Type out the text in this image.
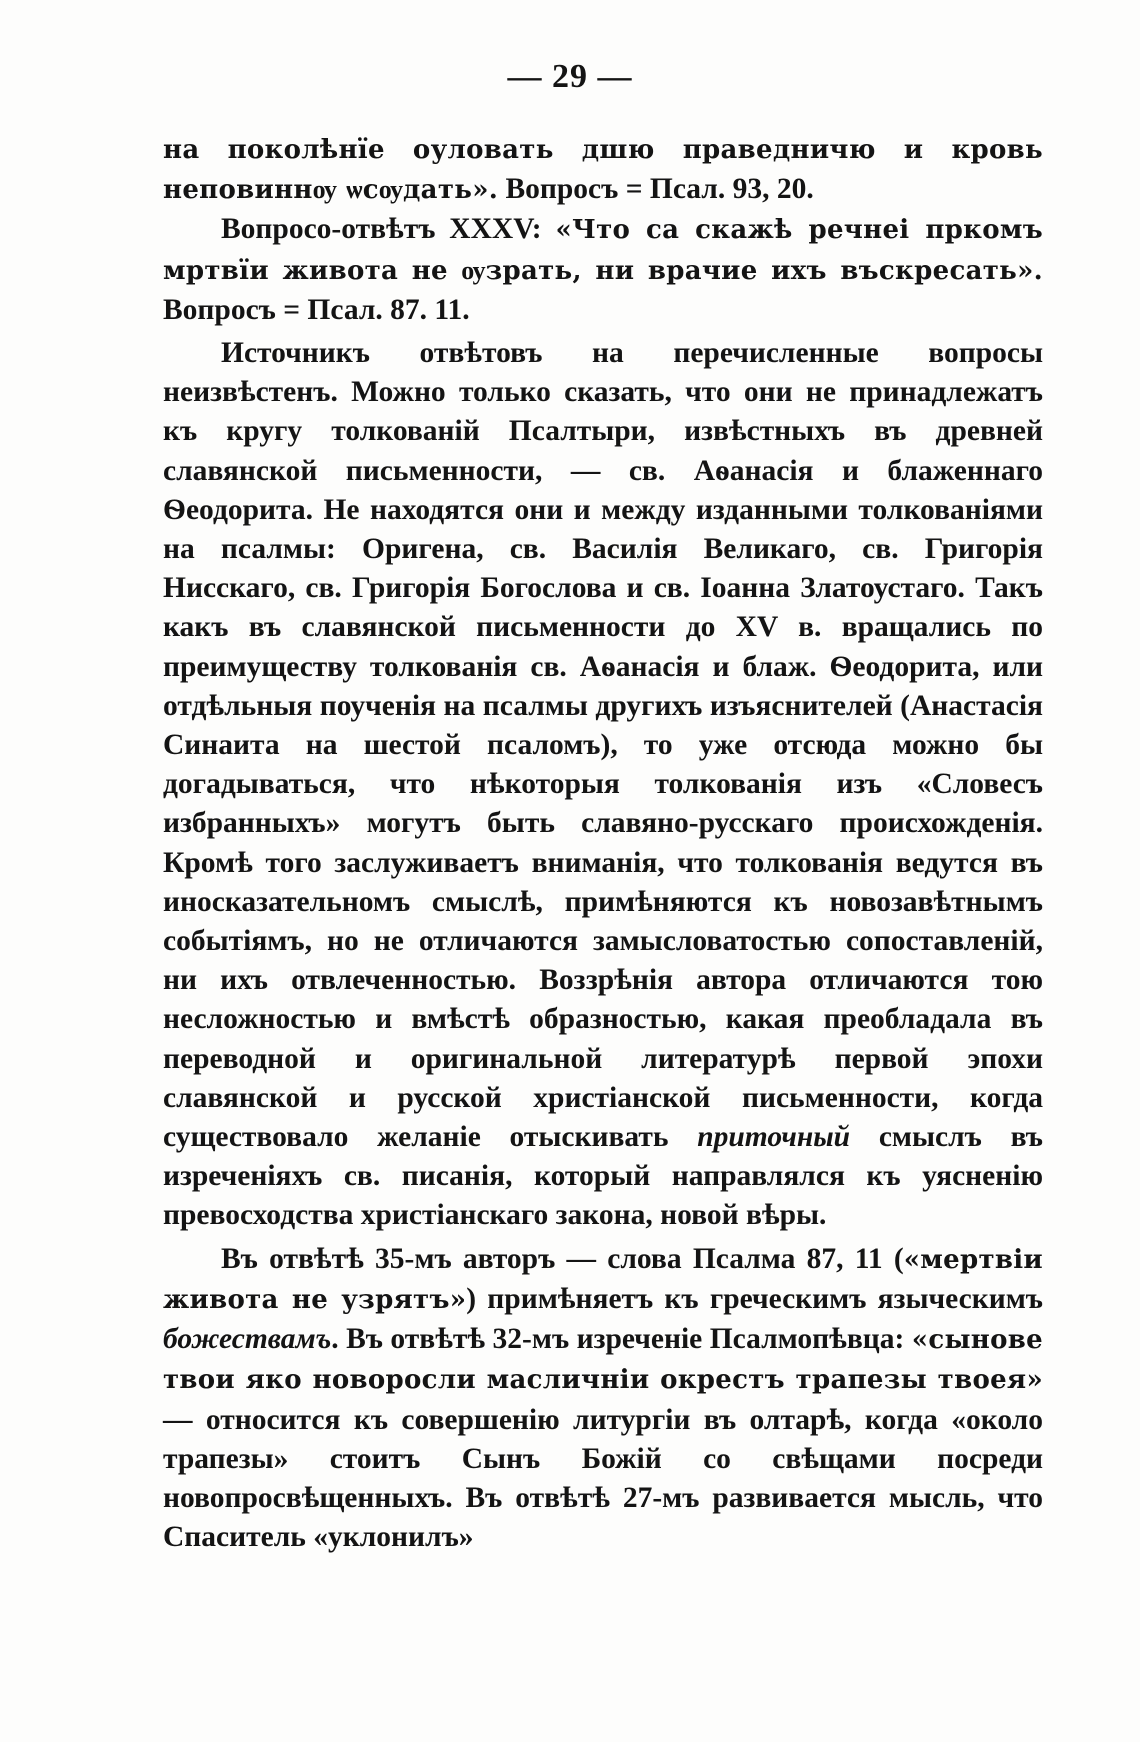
— 29 —

на поколѣнїе оуловать дшю праведничю и кровь неповиннѹ ѡсѹдать». Вопросъ = Псал. 93, 20.

Вопросо-отвѣтъ XXXV: «Что са скажѣ речнеі пркомъ мртвїи живота не ѹзрать, ни врачие ихъ въскресать». Вопросъ = Псал. 87. 11.

Источникъ отвѣтовъ на перечисленные вопросы неизвѣстенъ. Можно только сказать, что они не принадлежатъ къ кругу толкованій Псалтыри, извѣстныхъ въ древней славянской письменности, — св. Аѳанасія и блаженнаго Ѳеодорита. Не находятся они и между изданными толкованіями на псалмы: Оригена, св. Василія Великаго, св. Григорія Нисскаго, св. Григорія Богослова и св. Іоанна Златоустаго. Такъ какъ въ славянской письменности до XV в. вращались по преимуществу толкованія св. Аѳанасія и блаж. Ѳеодорита, или отдѣльныя поученія на псалмы другихъ изъяснителей (Анастасія Синаита на шестой псаломъ), то уже отсюда можно бы догадываться, что нѣкоторыя толкованія изъ «Словесъ избранныхъ» могутъ быть славяно-русскаго происхожденія. Кромѣ того заслуживаетъ вниманія, что толкованія ведутся въ иносказательномъ смыслѣ, примѣняются къ новозавѣтнымъ событіямъ, но не отличаются замысловатостью сопоставленій, ни ихъ отвлеченностью. Воззрѣнія автора отличаются тою несложностью и вмѣстѣ образностью, какая преобладала въ переводной и оригинальной литературѣ первой эпохи славянской и русской христіанской письменности, когда существовало желаніе отыскивать приточный смыслъ въ изреченіяхъ св. писанія, который направлялся къ уясненію превосходства христіанскаго закона, новой вѣры.

Въ отвѣтѣ 35-мъ авторъ — слова Псалма 87, 11 («мертвіи живота не узрятъ») примѣняетъ къ греческимъ языческимъ божествамъ. Въ отвѣтѣ 32-мъ изреченіе Псалмопѣвца: «сынове твои яко новоросли масличніи окрестъ трапезы твоея» — относится къ совершенію литургіи въ олтарѣ, когда «около трапезы» стоитъ Сынъ Божій со свѣщами посреди новопросвѣщенныхъ. Въ отвѣтѣ 27-мъ развивается мысль, что Спаситель «уклонилъ»
